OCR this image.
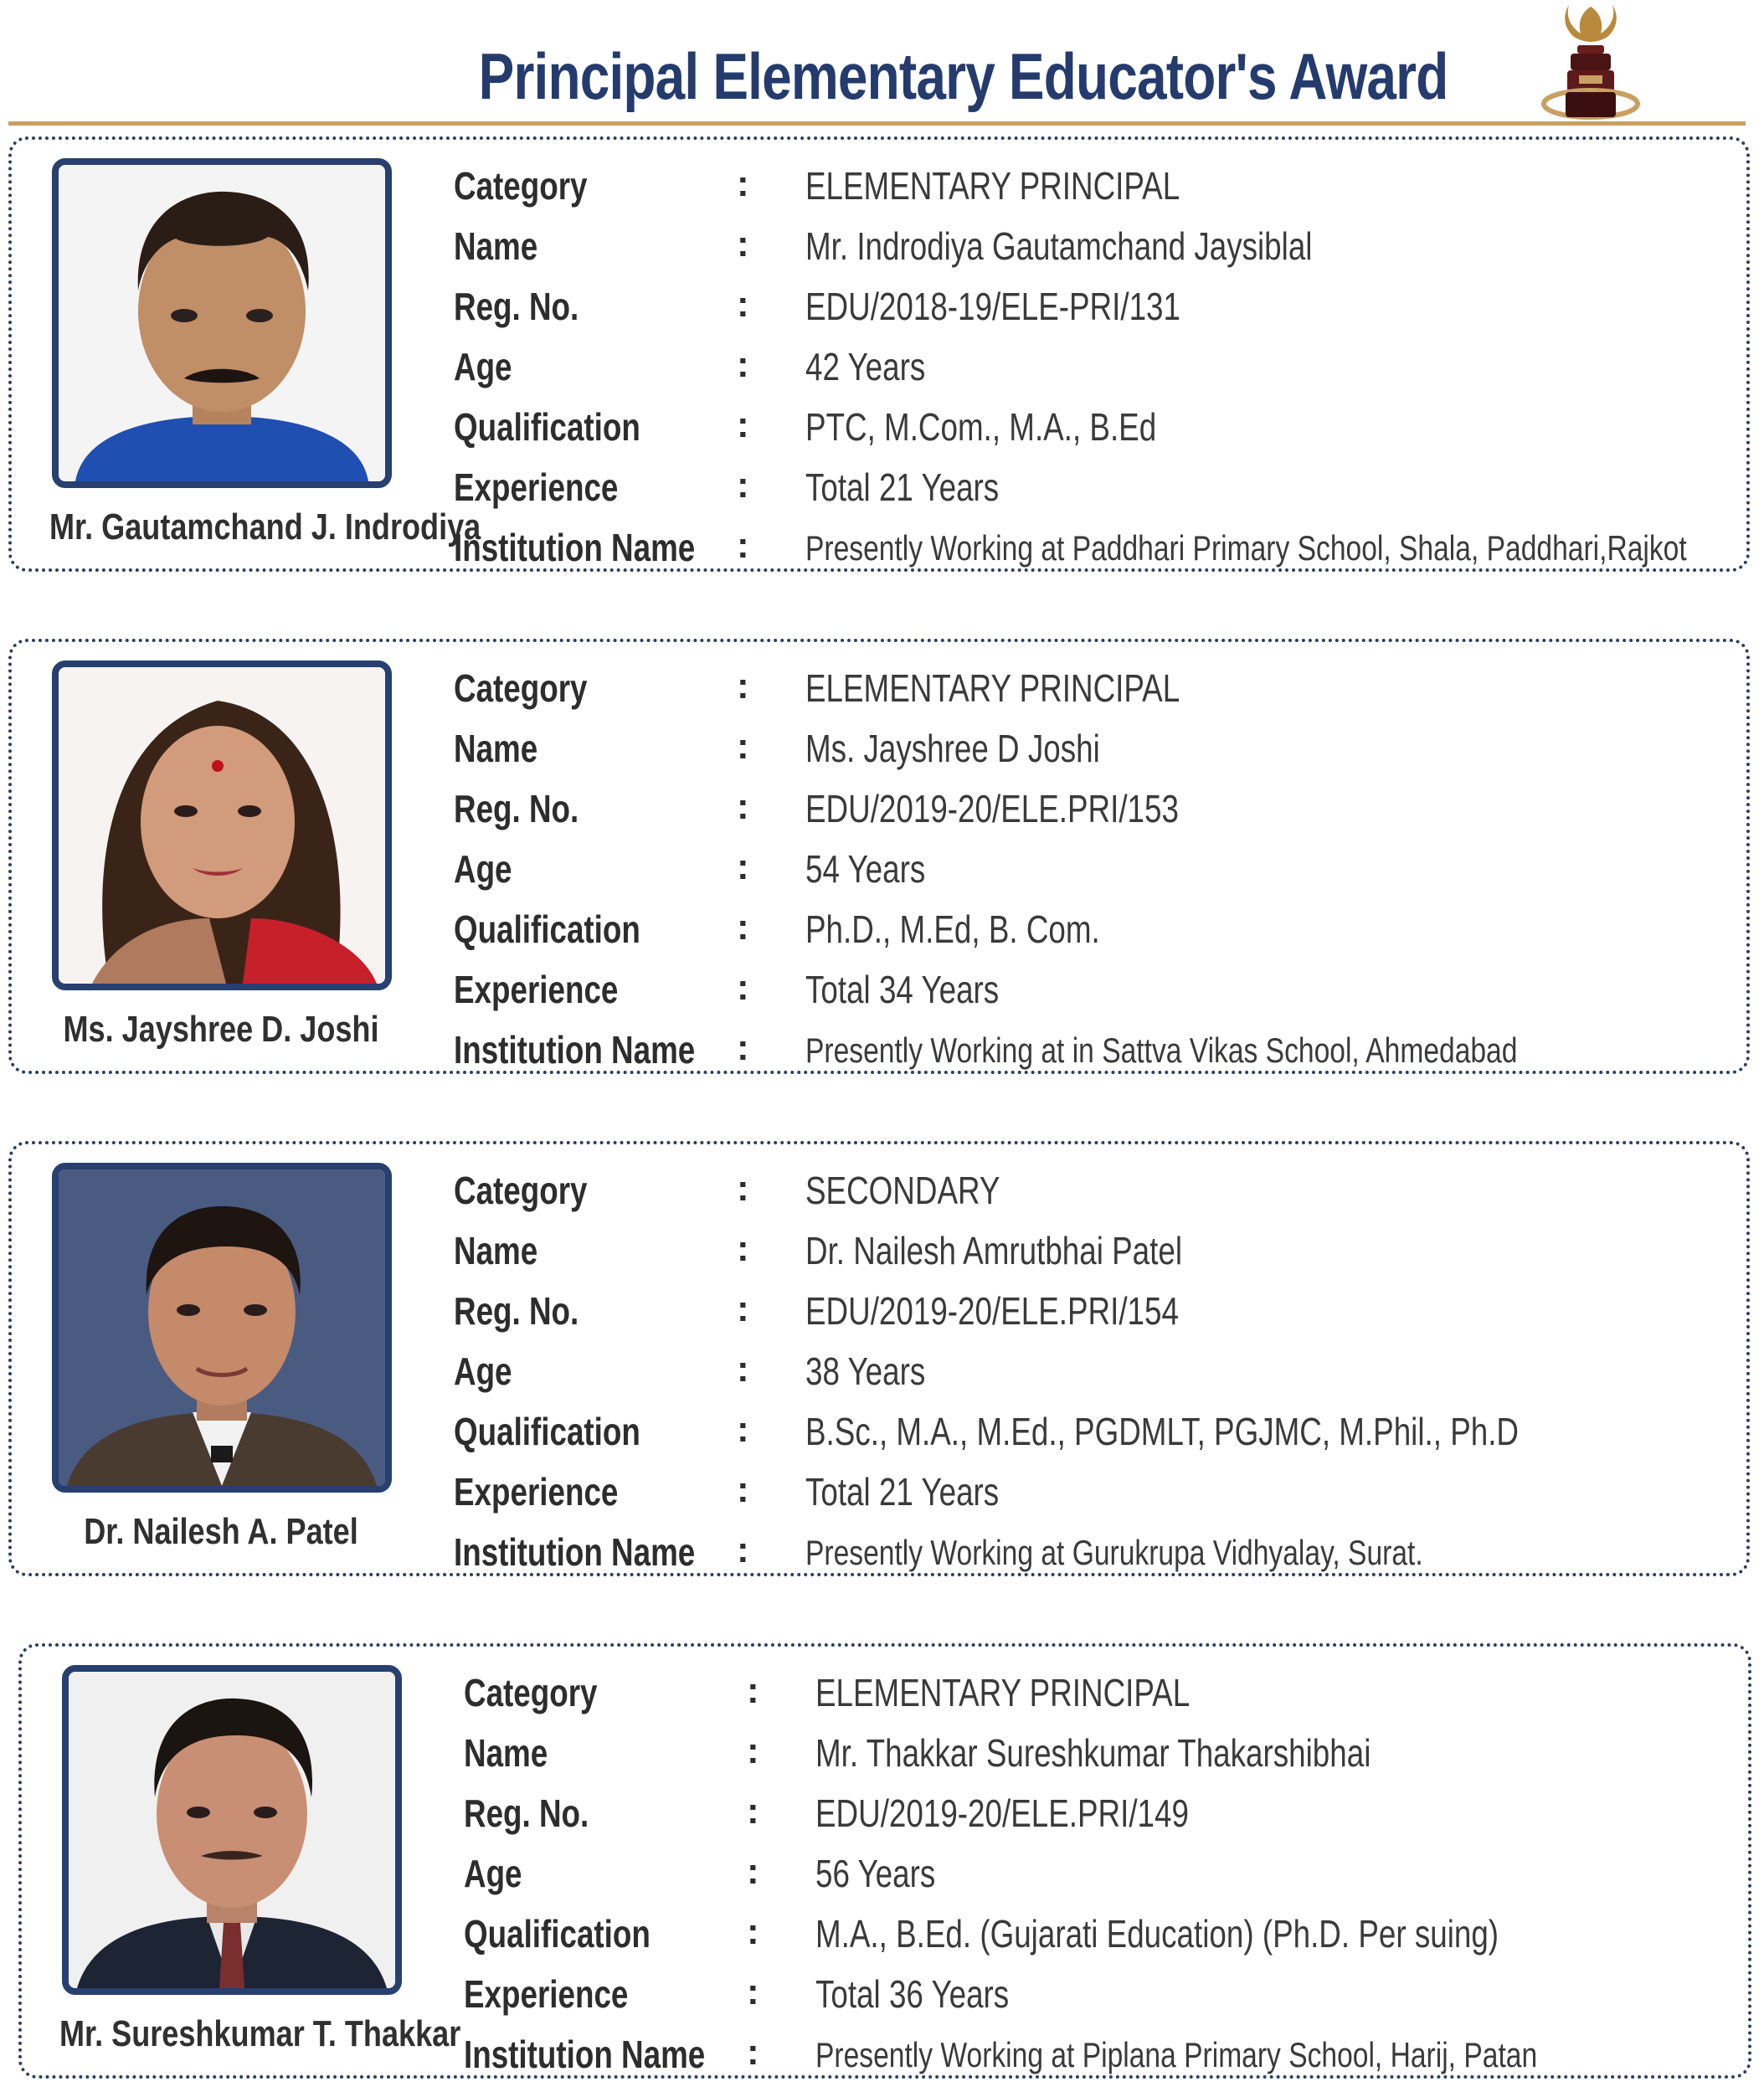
Principal Elementary Educator's Award
Mr. Gautamchand J. Indrodiya
Category	: ELEMENTARY PRINCIPAL
Name	: Mr. Indrodiya Gautamchand Jaysiblal
Reg. No.	: EDU/2018-19/ELE-PRI/131
Age	: 42 Years
Qualification	: PTC, M.Com., M.A., B.Ed
Experience	: Total 21 Years
Institution Name : Presently Working at Paddhari Primary School, Shala, Paddhari,Rajkot
Ms. Jayshree D. Joshi
Category	: ELEMENTARY PRINCIPAL
Name	: Ms. Jayshree D Joshi
Reg. No.	: EDU/2019-20/ELE.PRI/153
Age	: 54 Years
Qualification	: Ph.D., M.Ed, B. Com.
Experience	: Total 34 Years
Institution Name : Presently Working at in Sattva Vikas School, Ahmedabad
Dr. Nailesh A. Patel
Category	: SECONDARY
Name	: Dr. Nailesh Amrutbhai Patel
Reg. No.	: EDU/2019-20/ELE.PRI/154
Age	: 38 Years
Qualification	: B.Sc., M.A., M.Ed., PGDMLT, PGJMC, M.Phil., Ph.D
Experience	: Total 21 Years
Institution Name : Presently Working at Gurukrupa Vidhyalay, Surat.
Mr. Sureshkumar T. Thakkar
Category	: ELEMENTARY PRINCIPAL
Name	: Mr. Thakkar Sureshkumar Thakarshibhai
Reg. No.	: EDU/2019-20/ELE.PRI/149
Age	: 56 Years
Qualification	: M.A., B.Ed. (Gujarati Education) (Ph.D. Per suing)
Experience	: Total 36 Years
Institution Name : Presently Working at Piplana Primary School, Harij, Patan
